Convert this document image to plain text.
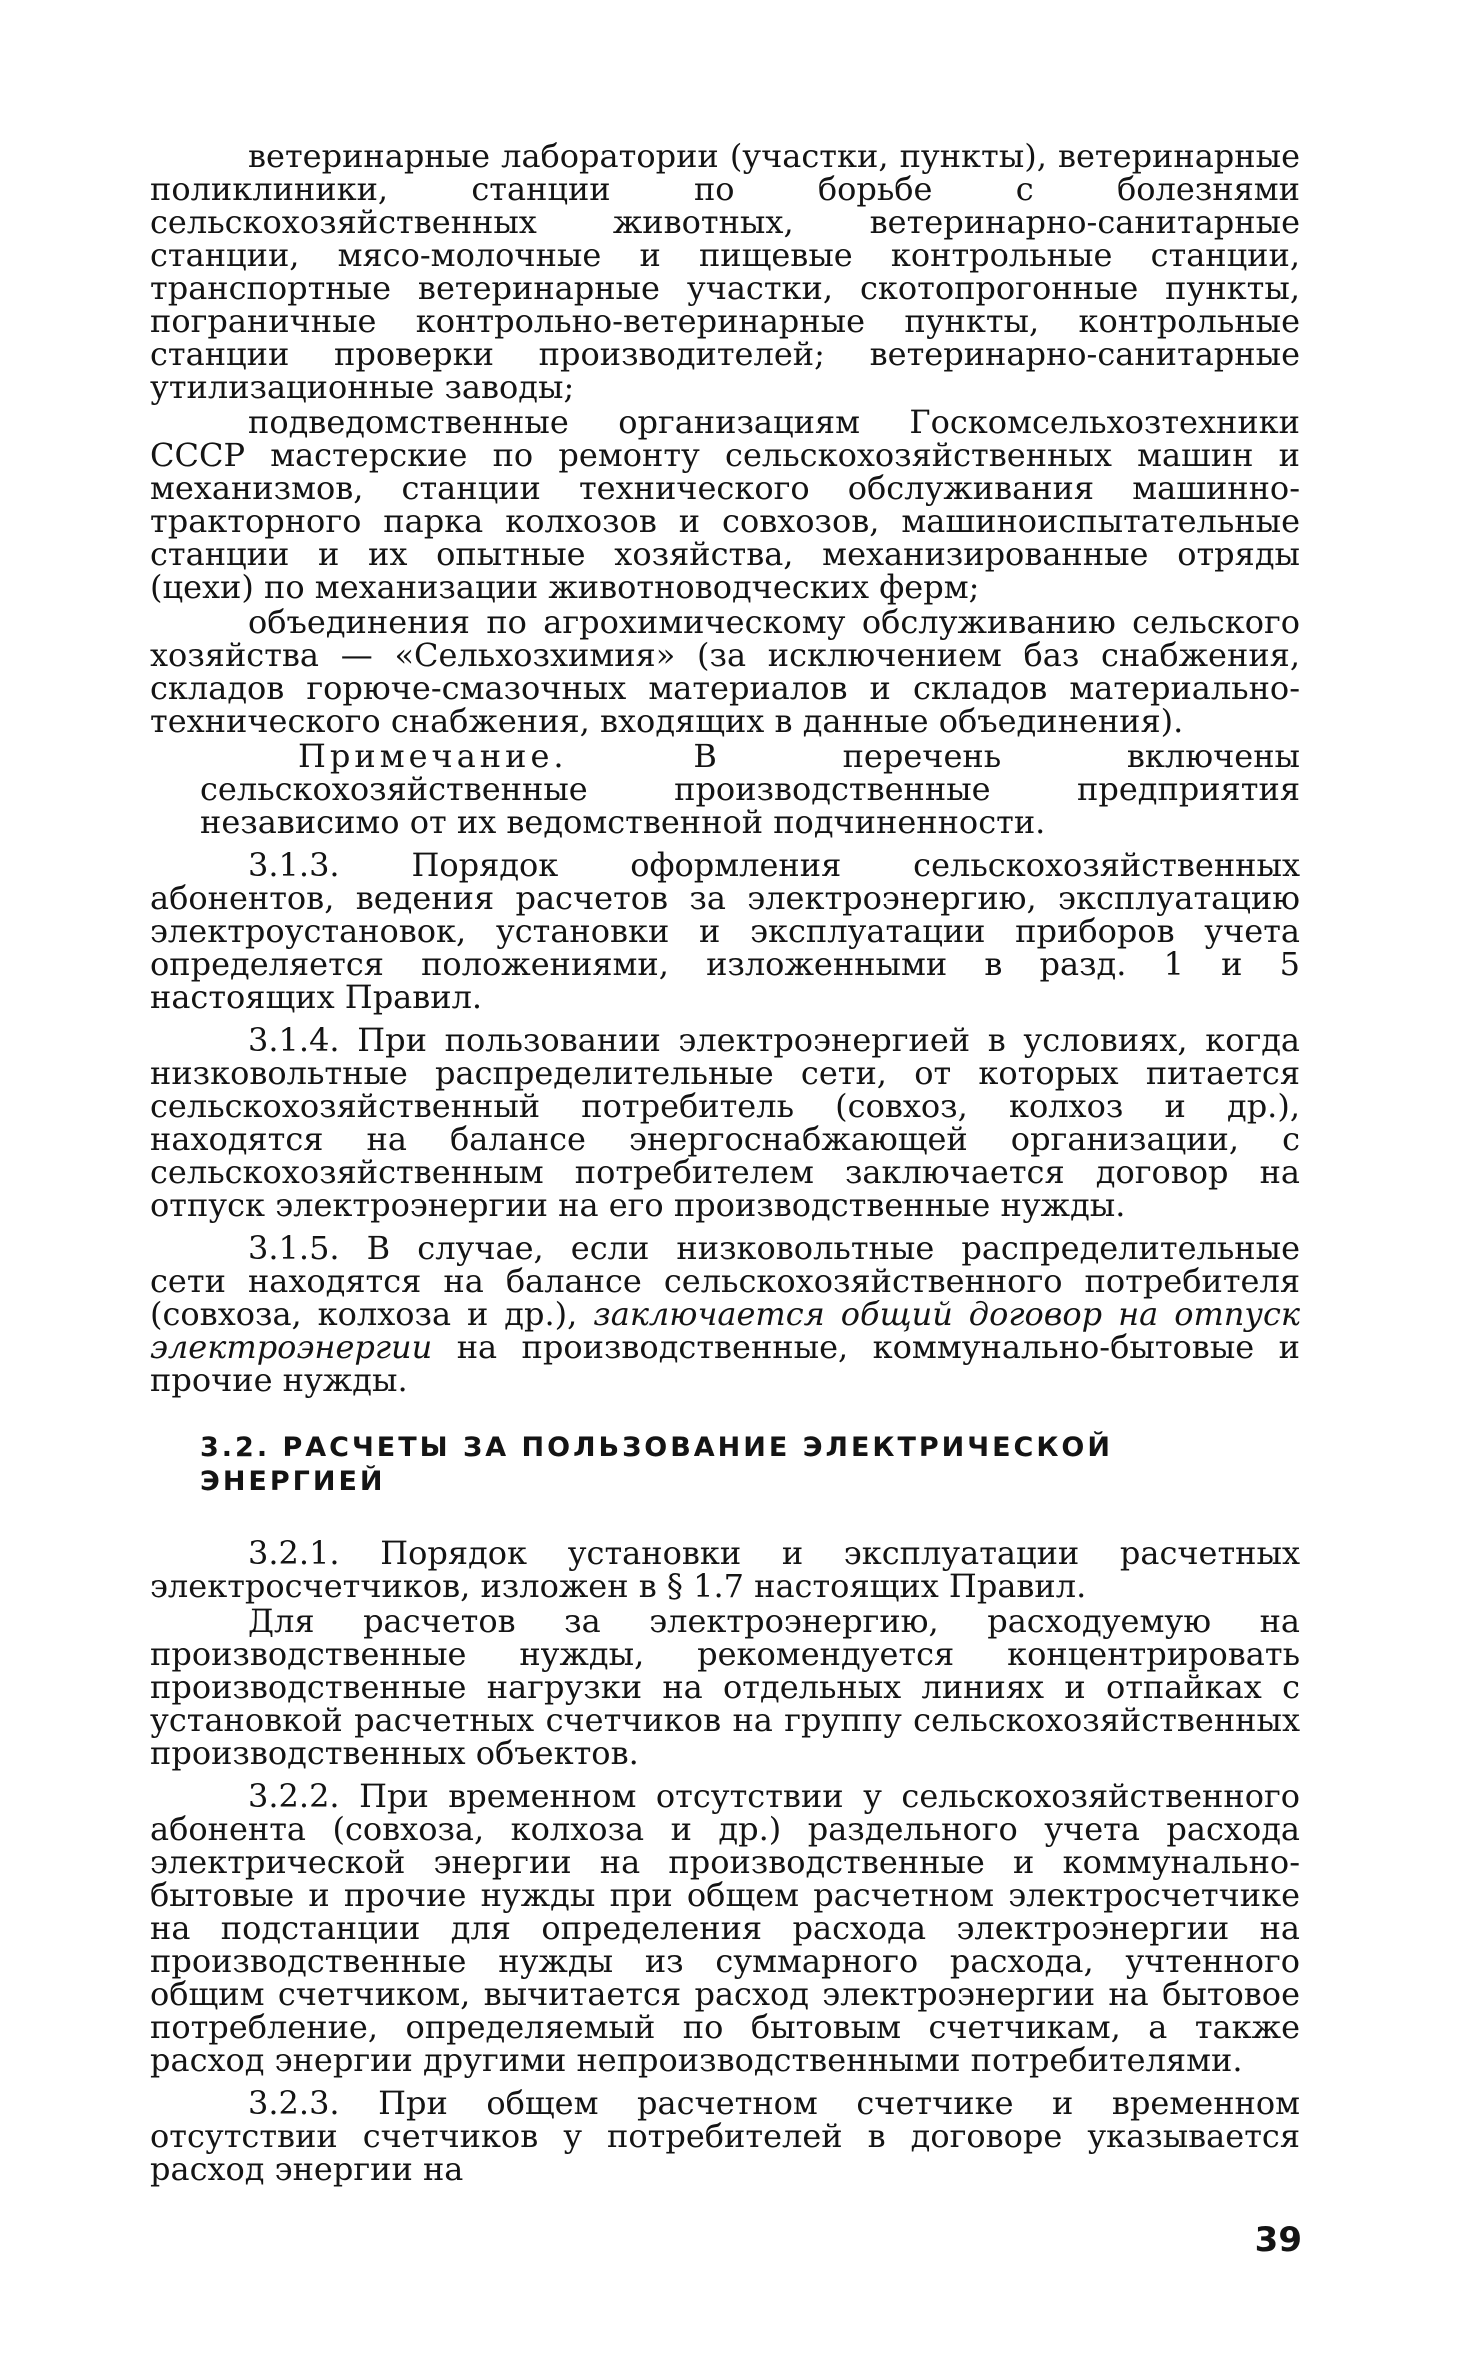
ветеринарные лаборатории (участки, пункты), ветеринарные поликлиники, станции по борьбе с болезнями сельскохозяйственных животных, ветеринарно-санитарные станции, мясо-молочные и пищевые контрольные станции, транспортные ветеринарные участки, скотопрогонные пункты, пограничные контрольно-ветеринарные пункты, контрольные станции проверки производителей; ветеринарно-санитарные утилизационные заводы;

подведомственные организациям Госкомсельхозтехники СССР мастерские по ремонту сельскохозяйственных машин и механизмов, станции технического обслуживания машинно-тракторного парка колхозов и совхозов, машиноиспытательные станции и их опытные хозяйства, механизированные отряды (цехи) по механизации животноводческих ферм;

объединения по агрохимическому обслуживанию сельского хозяйства — «Сельхозхимия» (за исключением баз снабжения, складов горюче-смазочных материалов и складов материально-технического снабжения, входящих в данные объединения).

Примечание. В перечень включены сельскохозяйственные производственные предприятия независимо от их ведомственной подчиненности.

3.1.3. Порядок оформления сельскохозяйственных абонентов, ведения расчетов за электроэнергию, эксплуатацию электроустановок, установки и эксплуатации приборов учета определяется положениями, изложенными в разд. 1 и 5 настоящих Правил.

3.1.4. При пользовании электроэнергией в условиях, когда низковольтные распределительные сети, от которых питается сельскохозяйственный потребитель (совхоз, колхоз и др.), находятся на балансе энергоснабжающей организации, с сельскохозяйственным потребителем заключается договор на отпуск электроэнергии на его производственные нужды.

3.1.5. В случае, если низковольтные распределительные сети находятся на балансе сельскохозяйственного потребителя (совхоза, колхоза и др.), заключается общий договор на отпуск электроэнергии на производственные, коммунально-бытовые и прочие нужды.

3.2. РАСЧЕТЫ ЗА ПОЛЬЗОВАНИЕ ЭЛЕКТРИЧЕСКОЙ ЭНЕРГИЕЙ

3.2.1. Порядок установки и эксплуатации расчетных электросчетчиков, изложен в § 1.7 настоящих Правил.

Для расчетов за электроэнергию, расходуемую на производственные нужды, рекомендуется концентрировать производственные нагрузки на отдельных линиях и отпайках с установкой расчетных счетчиков на группу сельскохозяйственных производственных объектов.

3.2.2. При временном отсутствии у сельскохозяйственного абонента (совхоза, колхоза и др.) раздельного учета расхода электрической энергии на производственные и коммунально-бытовые и прочие нужды при общем расчетном электросчетчике на подстанции для определения расхода электроэнергии на производственные нужды из суммарного расхода, учтенного общим счетчиком, вычитается расход электроэнергии на бытовое потребление, определяемый по бытовым счетчикам, а также расход энергии другими непроизводственными потребителями.

3.2.3. При общем расчетном счетчике и временном отсутствии счетчиков у потребителей в договоре указывается расход энергии на

39
